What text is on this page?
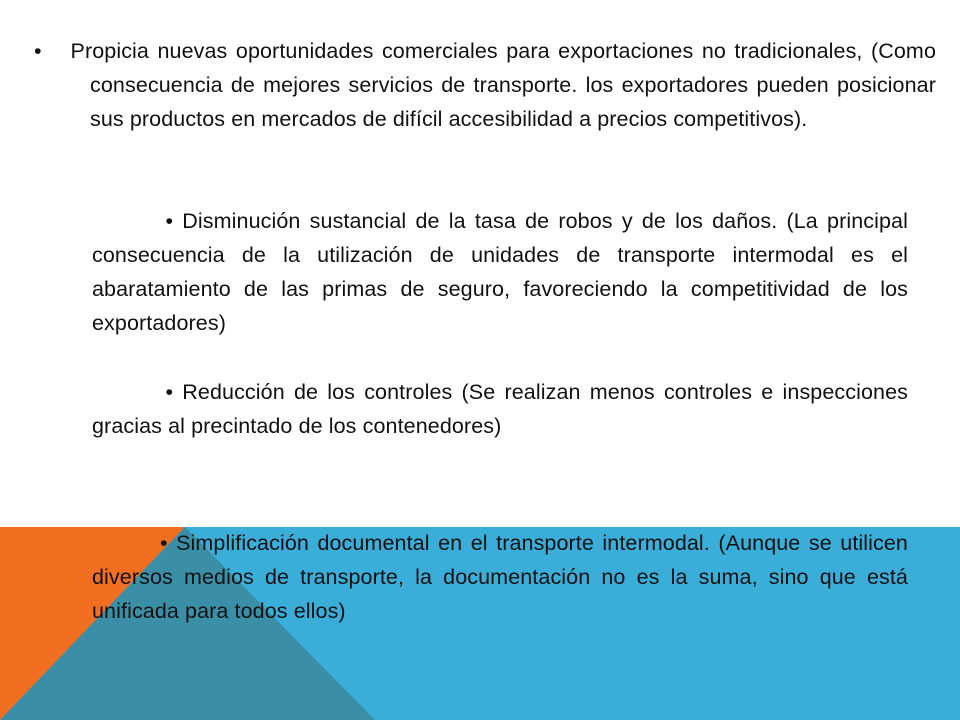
• Propicia nuevas oportunidades comerciales para exportaciones no tradicionales, (Como consecuencia de mejores servicios de transporte. los exportadores pueden posicionar sus productos en mercados de difícil accesibilidad a precios competitivos).

• Disminución sustancial de la tasa de robos y de los daños. (La principal consecuencia de la utilización de unidades de transporte intermodal es el abaratamiento de las primas de seguro, favoreciendo la competitividad de los exportadores)

• Reducción de los controles (Se realizan menos controles e inspecciones gracias al precintado de los contenedores)

• Simplificación documental en el transporte intermodal. (Aunque se utilicen diversos medios de transporte, la documentación no es la suma, sino que está unificada para todos ellos)
